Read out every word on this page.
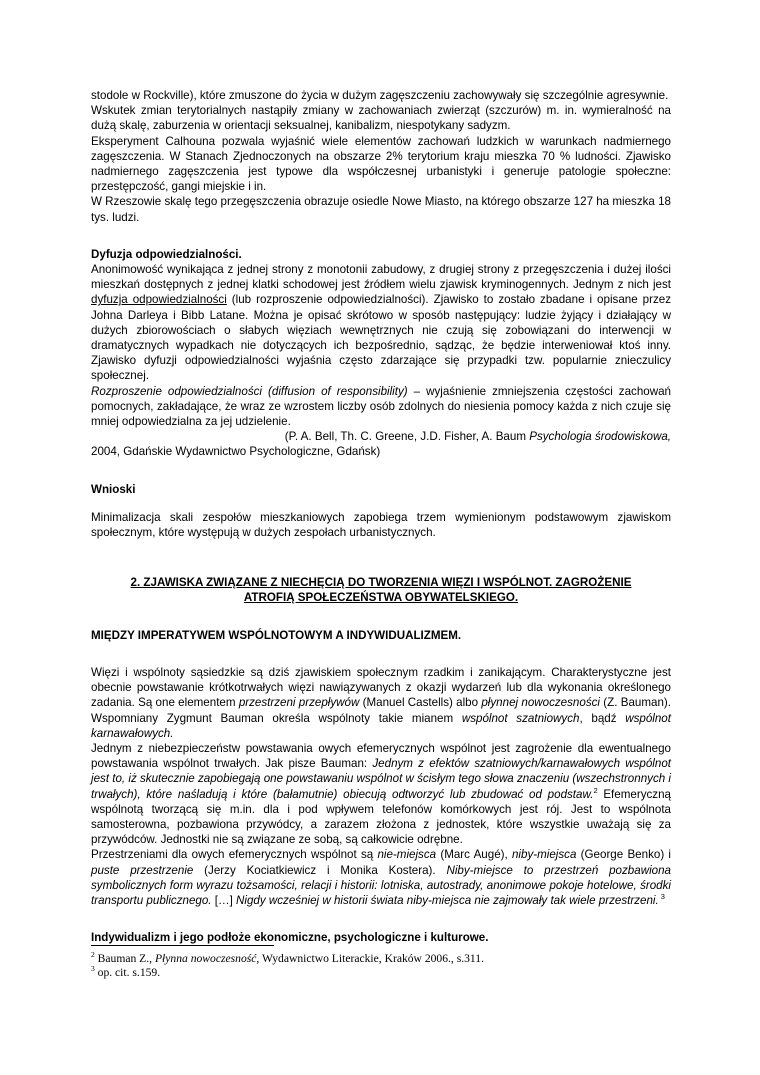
stodole w Rockville), które zmuszone do życia w dużym zagęszczeniu zachowywały się szczególnie agresywnie.

Wskutek zmian terytorialnych nastąpiły zmiany w zachowaniach zwierząt (szczurów) m. in. wymieralność na dużą skalę, zaburzenia w orientacji seksualnej, kanibalizm, niespotykany sadyzm.

Eksperyment Calhouna pozwala wyjaśnić wiele elementów zachowań ludzkich w warunkach nadmiernego zagęszczenia. W Stanach Zjednoczonych na obszarze 2% terytorium kraju mieszka 70 % ludności. Zjawisko nadmiernego zagęszczenia jest typowe dla współczesnej urbanistyki i generuje patologie społeczne: przestępczość, gangi miejskie i in.

W Rzeszowie skalę tego przegęszczenia obrazuje osiedle Nowe Miasto, na którego obszarze 127 ha mieszka 18 tys. ludzi.

Dyfuzja odpowiedzialności.

Anonimowość wynikająca z jednej strony z monotonii zabudowy, z drugiej strony z przegęszczenia i dużej ilości mieszkań dostępnych z jednej klatki schodowej jest źródłem wielu zjawisk kryminogennych. Jednym z nich jest dyfuzja odpowiedzialności (lub rozproszenie odpowiedzialności). Zjawisko to zostało zbadane i opisane przez Johna Darleya i Bibb Latane. Można je opisać skrótowo w sposób następujący: ludzie żyjący i działający w dużych zbiorowościach o słabych więziach wewnętrznych nie czują się zobowiązani do interwencji w dramatycznych wypadkach nie dotyczących ich bezpośrednio, sądząc, że będzie interweniował ktoś inny. Zjawisko dyfuzji odpowiedzialności wyjaśnia często zdarzające się przypadki tzw. popularnie znieczulicy społecznej.

Rozproszenie odpowiedzialności (diffusion of responsibility) – wyjaśnienie zmniejszenia częstości zachowań pomocnych, zakładające, że wraz ze wzrostem liczby osób zdolnych do niesienia pomocy każda z nich czuje się mniej odpowiedzialna za jej udzielenie.

(P. A. Bell, Th. C. Greene, J.D. Fisher, A. Baum Psychologia środowiskowa,

2004, Gdańskie Wydawnictwo Psychologiczne, Gdańsk)

Wnioski

Minimalizacja skali zespołów mieszkaniowych zapobiega trzem wymienionym podstawowym zjawiskom społecznym, które występują w dużych zespołach urbanistycznych.

2. ZJAWISKA ZWIĄZANE Z NIECHĘCIĄ DO TWORZENIA WIĘZI I WSPÓLNOT. ZAGROŻENIE
ATROFIĄ SPOŁECZEŃSTWA OBYWATELSKIEGO.

MIĘDZY IMPERATYWEM WSPÓLNOTOWYM A INDYWIDUALIZMEM.

Więzi i wspólnoty sąsiedzkie są dziś zjawiskiem społecznym rzadkim i zanikającym. Charakterystyczne jest obecnie powstawanie krótkotrwałych więzi nawiązywanych z okazji wydarzeń lub dla wykonania określonego zadania. Są one elementem przestrzeni przepływów (Manuel Castells) albo płynnej nowoczesności (Z. Bauman). Wspomniany Zygmunt Bauman określa wspólnoty takie mianem wspólnot szatniowych, bądź wspólnot karnawałowych.

Jednym z niebezpieczeństw powstawania owych efemerycznych wspólnot jest zagrożenie dla ewentualnego powstawania wspólnot trwałych. Jak pisze Bauman: Jednym z efektów szatniowych/karnawałowych wspólnot jest to, iż skutecznie zapobiegają one powstawaniu wspólnot w ścisłym tego słowa znaczeniu (wszechstronnych i trwałych), które naśladują i które (bałamutnie) obiecują odtworzyć lub zbudować od podstaw.$^2$ Efemeryczną wspólnotą tworzącą się m.in. dla i pod wpływem telefonów komórkowych jest rój. Jest to wspólnota samosterowna, pozbawiona przywódcy, a zarazem złożona z jednostek, które wszystkie uważają się za przywódców. Jednostki nie są związane ze sobą, są całkowicie odrębne.

Przestrzeniami dla owych efemerycznych wspólnot są nie-miejsca (Marc Augé), niby-miejsca (George Benko) i puste przestrzenie (Jerzy Kociatkiewicz i Monika Kostera). Niby-miejsce to przestrzeń pozbawiona symbolicznych form wyrazu tożsamości, relacji i historii: lotniska, autostrady, anonimowe pokoje hotelowe, środki transportu publicznego. […] Nigdy wcześniej w historii świata niby-miejsca nie zajmowały tak wiele przestrzeni. $^3$

Indywidualizm i jego podłoże ekonomiczne, psychologiczne i kulturowe.

$^2$ Bauman Z., Płynna nowoczesność, Wydawnictwo Literackie, Kraków 2006., s.311.

$^3$ op. cit. s.159.
